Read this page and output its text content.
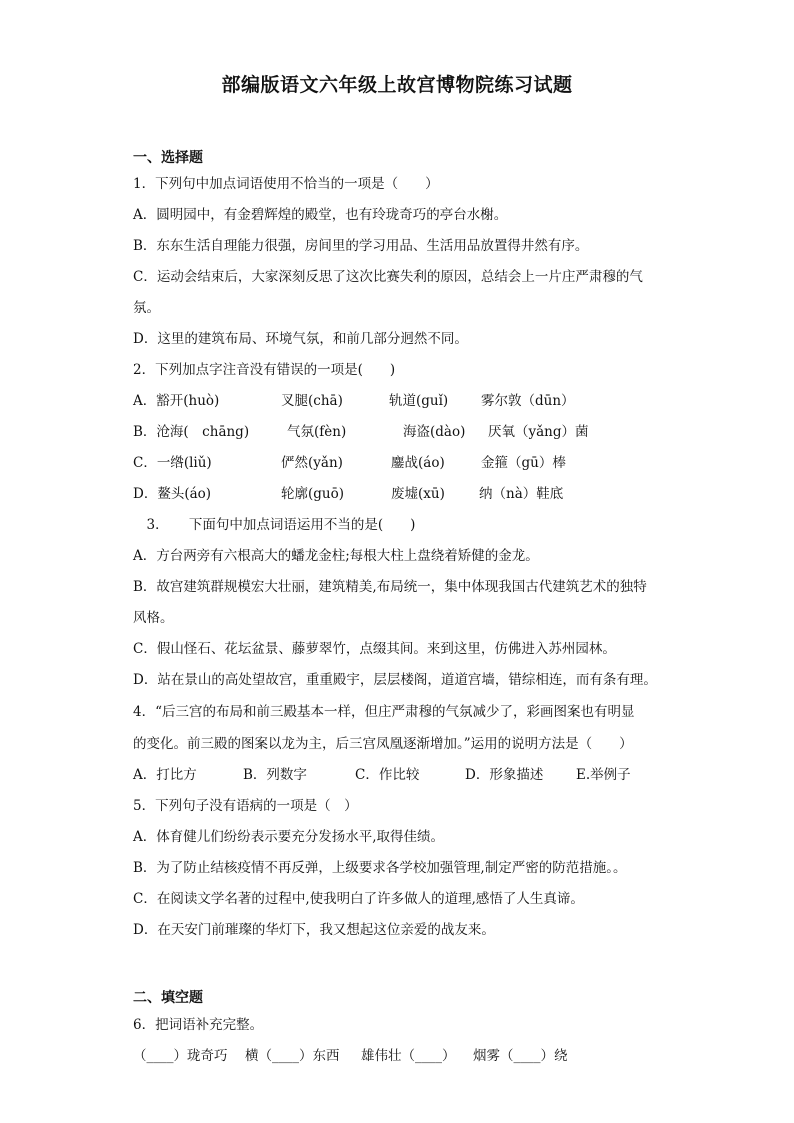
部编版语文六年级上故宫博物院练习试题
一、选择题
1．下列句中加点词语使用不恰当的一项是（　　）
A．圆明园中，有金碧辉煌的殿堂，也有玲珑奇巧的亭台水榭。
B．东东生活自理能力很强，房间里的学习用品、生活用品放置得井然有序。
C．运动会结束后，大家深刻反思了这次比赛失利的原因，总结会上一片庄严肃穆的气
氛。
D．这里的建筑布局、环境气氛，和前几部分迥然不同。
2．下列加点字注音没有错误的一项是(　　)
A．豁开(huò)	叉腿(chā)	轨道(guǐ) 雾尔敦（dūn）
B．沧海(　chāng)	气氛(fèn)	海盗(dào) 厌氧（yǎng）菌
C．一绺(liǔ)	俨然(yǎn)	鏖战(áo)	金箍（gū）棒
D．鳌头(áo)	轮廓(guō)	废墟(xū)	纳（nà）鞋底
　3．　　下面句中加点词语运用不当的是(　　)
A．方台两旁有六根高大的蟠龙金柱;每根大柱上盘绕着矫健的金龙。
B．故宫建筑群规模宏大壮丽，建筑精美,布局统一，集中体现我国古代建筑艺术的独特
风格。
C．假山怪石、花坛盆景、藤萝翠竹，点缀其间。来到这里，仿佛进入苏州园林。
D．站在景山的高处望故宫，重重殿宇，层层楼阁，道道宫墙，错综相连，而有条有理。
4．“后三宫的布局和前三殿基本一样，但庄严肃穆的气氛减少了，彩画图案也有明显
的变化。前三殿的图案以龙为主，后三宫凤凰逐渐增加。”运用的说明方法是（　　）
A．打比方	B．列数字	C．作比较	D．形象描述 E.举例子
5．下列句子没有语病的一项是（　）
A．体育健儿们纷纷表示要充分发扬水平,取得佳绩。
B．为了防止结核疫情不再反弹，上级要求各学校加强管理,制定严密的防范措施。。
C．在阅读文学名著的过程中,使我明白了许多做人的道理,感悟了人生真谛。
D．在天安门前璀璨的华灯下，我又想起这位亲爱的战友来。
二、填空题
6．把词语补充完整。
（____）珑奇巧 横（____）东西 雄伟壮（____） 烟雾（____）绕
